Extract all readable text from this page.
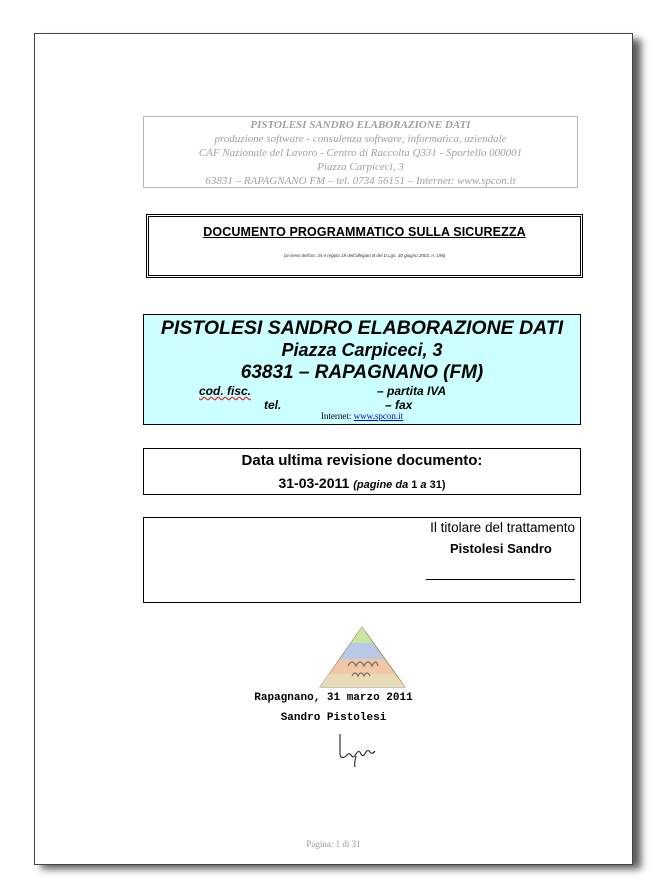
PISTOLESI SANDRO ELABORAZIONE DATI
produzione software - consulenza software, informatica, aziendale
CAF Nazionale del Lavoro - Centro di Raccolta Q331 - Sportello 000001
Piazza Carpiceci, 3
63831 – RAPAGNANO FM – tel. 0734 56151 – Internet: www.spcon.it
DOCUMENTO PROGRAMMATICO SULLA SICUREZZA
(ai sensi dell'art. 34 e regola 19 dell'allegato B del D.Lgs. 30 giugno 2003, n. 196)
PISTOLESI SANDRO ELABORAZIONE DATI
Piazza Carpiceci, 3
63831 – RAPAGNANO (FM)
cod. fisc.	– partita IVA
tel.	– fax
Internet: www.spcon.it
Data ultima revisione documento:
31-03-2011 (pagine da 1 a 31)
Il titolare del trattamento
Pistolesi Sandro
Rapagnano, 31 marzo 2011
Sandro Pistolesi
Pagina: 1 di 31
